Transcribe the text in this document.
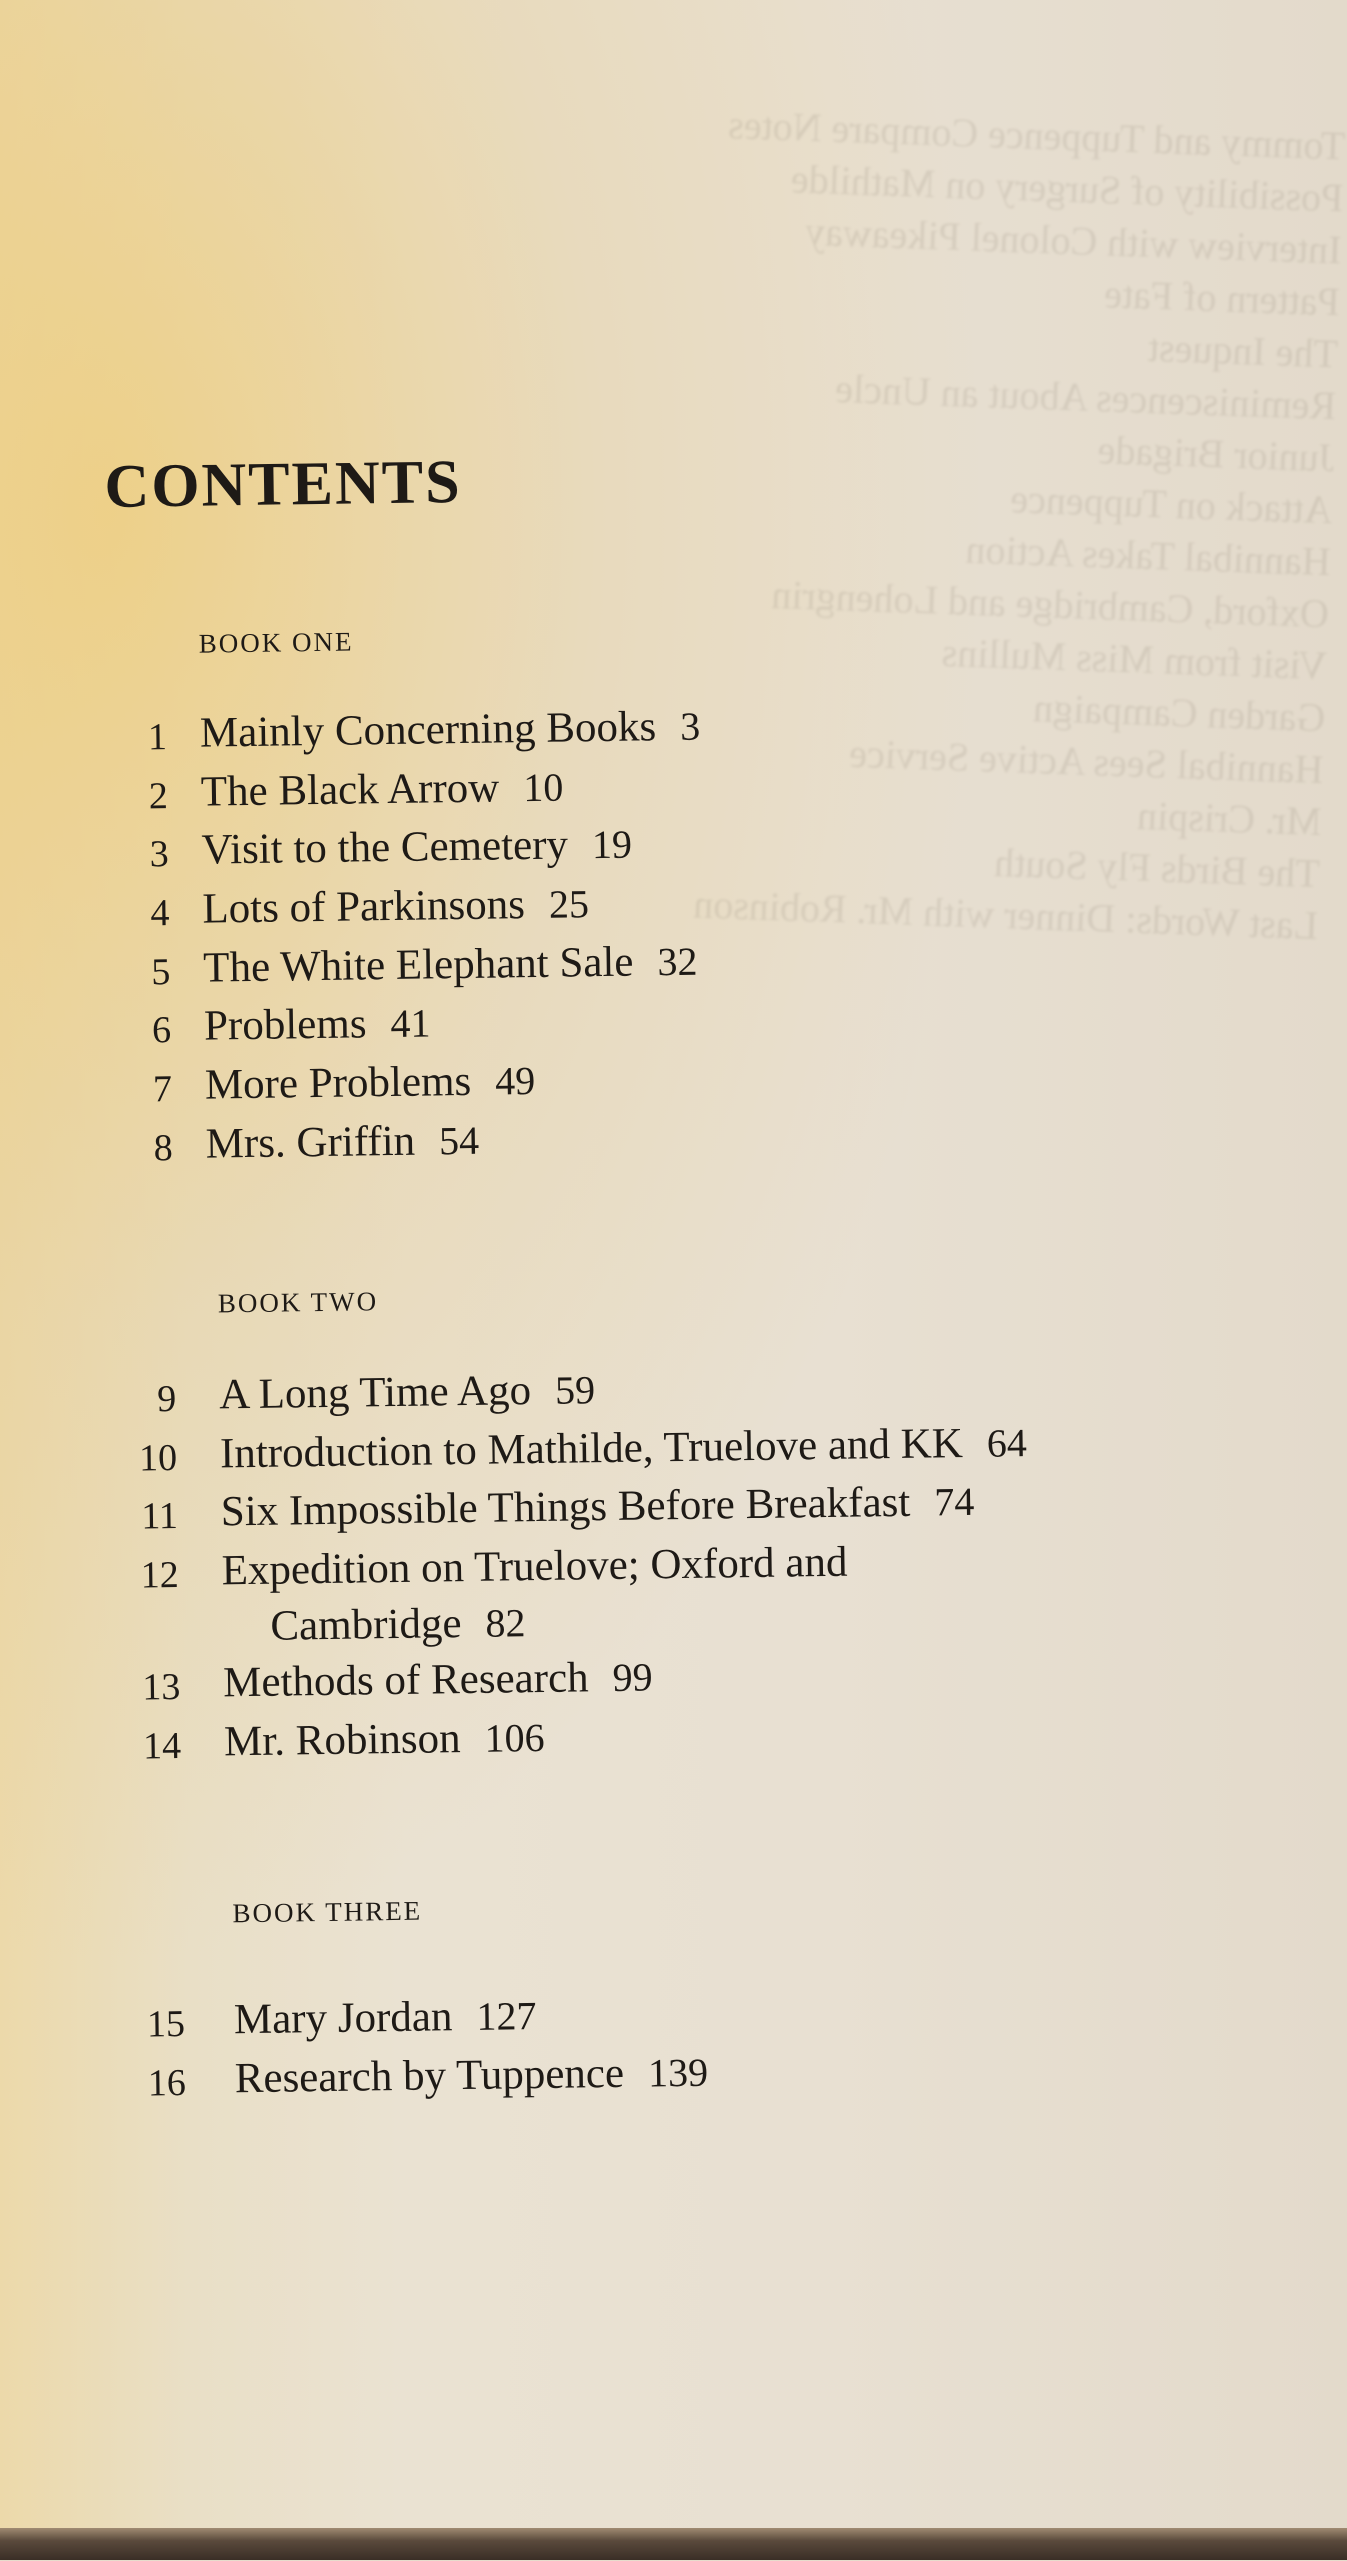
Tommy and Tuppence Compare Notes
Possibility of Surgery on Mathilde
Interview with Colonel Pikeaway
Pattern of Fate
The Inquest
Reminiscences About an Uncle
Junior Brigade
Attack on Tuppence
Hannibal Takes Action
Oxford, Cambridge and Lohengrin
Visit from Miss Mullins
Garden Campaign
Hannibal Sees Active Service
Mr. Crispin
The Birds Fly South
Last Words: Dinner with Mr. Robinson
CONTENTS
BOOK ONE
1 Mainly Concerning Books 3
2 The Black Arrow 10
3 Visit to the Cemetery 19
4 Lots of Parkinsons 25
5 The White Elephant Sale 32
6 Problems 41
7 More Problems 49
8 Mrs. Griffin 54
BOOK TWO
9 A Long Time Ago 59
10 Introduction to Mathilde, Truelove and KK 64
11 Six Impossible Things Before Breakfast 74
12 Expedition on Truelove; Oxford and
Cambridge 82
13 Methods of Research 99
14 Mr. Robinson 106
BOOK THREE
15 Mary Jordan 127
16 Research by Tuppence 139
